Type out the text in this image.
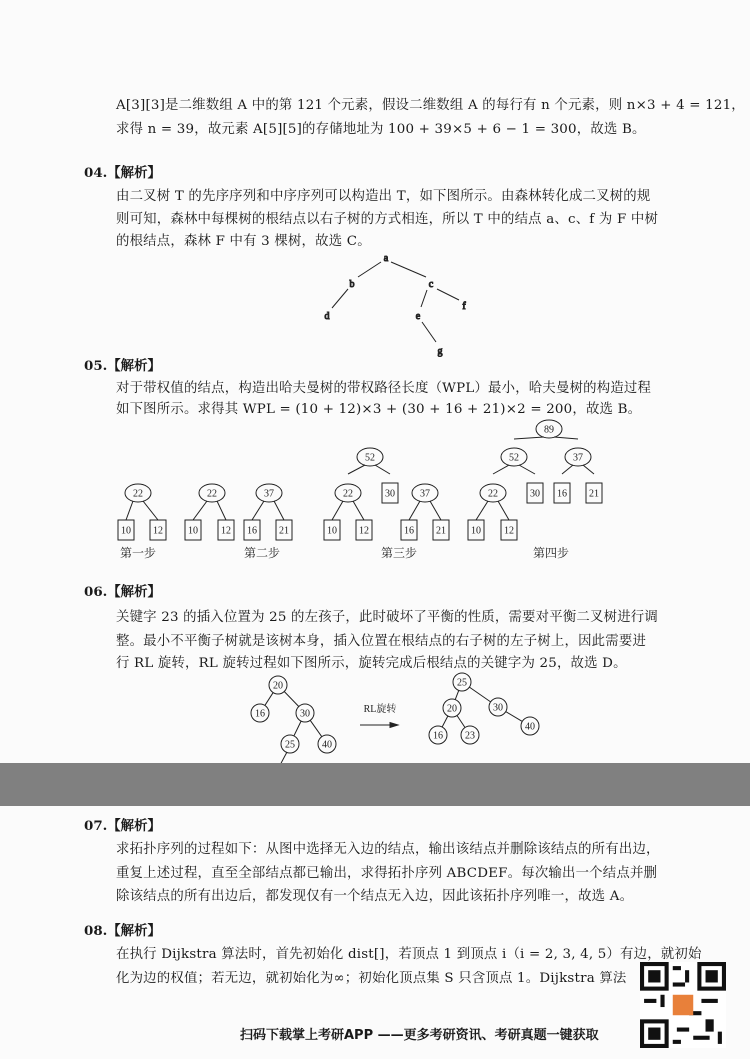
A[3][3]是二维数组 A 中的第 121 个元素，假设二维数组 A 的每行有 n 个元素，则 n×3 + 4 = 121，
求得 n = 39，故元素 A[5][5]的存储地址为 100 + 39×5 + 6 − 1 = 300，故选 B。
04.【解析】
由二叉树 T 的先序序列和中序序列可以构造出 T，如下图所示。由森林转化成二叉树的规
则可知，森林中每棵树的根结点以右子树的方式相连，所以 T 中的结点 a、c、f 为 F 中树
的根结点，森林 F 中有 3 棵树，故选 C。
05.【解析】
对于带权值的结点，构造出哈夫曼树的带权路径长度（WPL）最小，哈夫曼树的构造过程
如下图所示。求得其 WPL = (10 + 12)×3 + (30 + 16 + 21)×2 = 200，故选 B。
06.【解析】
关键字 23 的插入位置为 25 的左孩子，此时破坏了平衡的性质，需要对平衡二叉树进行调
整。最小不平衡子树就是该树本身，插入位置在根结点的右子树的左子树上，因此需要进
行 RL 旋转，RL 旋转过程如下图所示，旋转完成后根结点的关键字为 25，故选 D。
a
b	c
d	e
f
g
22
10 12
22
10 12
37
16 21
52
22	30
10 12
37
16 21
89
52	37
30 16 21
22
10 12
第一步	第二步	第三步	第四步
20
16	30
25	40
RL旋转
25
20	30
16 23
40
07.【解析】
求拓扑序列的过程如下：从图中选择无入边的结点，输出该结点并删除该结点的所有出边，
重复上述过程，直至全部结点都已输出，求得拓扑序列 ABCDEF。每次输出一个结点并删
除该结点的所有出边后，都发现仅有一个结点无入边，因此该拓扑序列唯一，故选 A。
08.【解析】
在执行 Dijkstra 算法时，首先初始化 dist[]，若顶点 1 到顶点 i（i = 2, 3, 4, 5）有边，就初始
化为边的权值；若无边，就初始化为∞；初始化顶点集 S 只含顶点 1。Dijkstra 算法
扫码下载掌上考研APP ——更多考研资讯、考研真题一键获取
